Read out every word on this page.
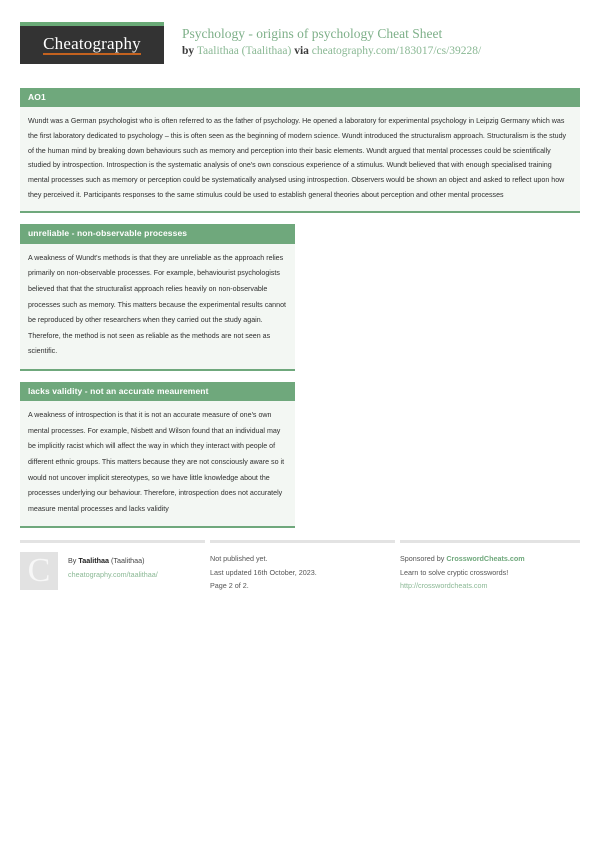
Cheatography
Psychology - origins of psychology Cheat Sheet
by Taalithaa (Taalithaa) via cheatography.com/183017/cs/39228/
AO1
Wundt was a German psychologist who is often referred to as the father of psychology. He opened a laboratory for experimental psychology in Leipzig Germany which was the first laboratory dedicated to psychology – this is often seen as the beginning of modern science. Wundt introduced the structuralism approach. Structuralism is the study of the human mind by breaking down behaviours such as memory and perception into their basic elements. Wundt argued that mental processes could be scientifically studied by introspection. Introspection is the systematic analysis of one's own conscious experience of a stimulus. Wundt believed that with enough specialised training mental processes such as memory or perception could be systematically analysed using introspection. Observers would be shown an object and asked to reflect upon how they perceived it. Participants responses to the same stimulus could be used to establish general theories about perception and other mental processes
unreliable - non-observable processes
A weakness of Wundt's methods is that they are unreliable as the approach relies primarily on non-observable processes. For example, behaviourist psychologists believed that that the structuralist approach relies heavily on non-observable processes such as memory. This matters because the experimental results cannot be reproduced by other researchers when they carried out the study again. Therefore, the method is not seen as reliable as the methods are not seen as scientific.
lacks validity - not an accurate meaurement
A weakness of introspection is that it is not an accurate measure of one's own mental processes. For example, Nisbett and Wilson found that an individual may be implicitly racist which will affect the way in which they interact with people of different ethnic groups. This matters because they are not consciously aware so it would not uncover implicit stereotypes, so we have little knowledge about the processes underlying our behaviour. Therefore, introspection does not accurately measure mental processes and lacks validity
C	By Taalithaa (Taalithaa)
cheatography.com/taalithaa/
Not published yet.
Last updated 16th October, 2023.
Page 2 of 2.
Sponsored by CrosswordCheats.com
Learn to solve cryptic crosswords!
http://crosswordcheats.com
